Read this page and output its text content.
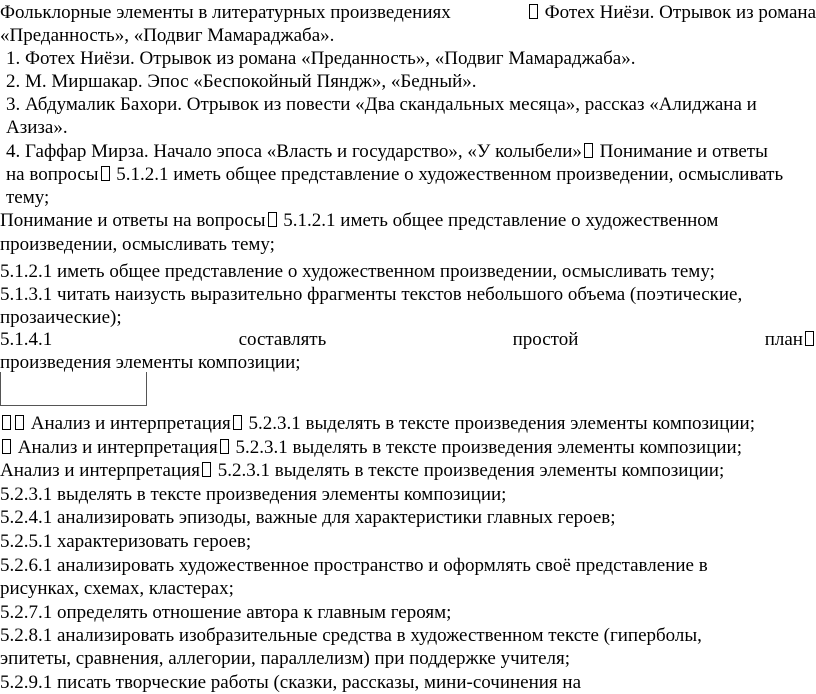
Фольклорные элементы в литературных произведениях	Фотех Ниёзи. Отрывок из романа
«Преданность», «Подвиг Мамараджаба».
1. Фотех Ниёзи. Отрывок из романа «Преданность», «Подвиг Мамараджаба».
2. М. Миршакар. Эпос «Беспокойный Пяндж», «Бедный».
3. Абдумалик Бахори. Отрывок из повести «Два скандальных месяца», рассказ «Алиджана и
Азиза».
4. Гаффар Мирза. Начало эпоса «Власть и государство», «У колыбели» Понимание и ответы
на вопросы 5.1.2.1 иметь общее представление о художественном произведении, осмысливать
тему;
Понимание и ответы на вопросы 5.1.2.1 иметь общее представление о художественном
произведении, осмысливать тему;
5.1.2.1 иметь общее представление о художественном произведении, осмысливать тему;
5.1.3.1 читать наизусть выразительно фрагменты текстов небольшого объема (поэтические,
прозаические);
5.1.4.1	составлять	простой	план
произведения элементы композиции;
Анализ и интерпретация 5.2.3.1 выделять в тексте произведения элементы композиции;
Анализ и интерпретация 5.2.3.1 выделять в тексте произведения элементы композиции;
Анализ и интерпретация 5.2.3.1 выделять в тексте произведения элементы композиции;
5.2.3.1 выделять в тексте произведения элементы композиции;
5.2.4.1 анализировать эпизоды, важные для характеристики главных героев;
5.2.5.1 характеризовать героев;
5.2.6.1 анализировать художественное пространство и оформлять своё представление в
рисунках, схемах, кластерах;
5.2.7.1 определять отношение автора к главным героям;
5.2.8.1 анализировать изобразительные средства в художественном тексте (гиперболы,
эпитеты, сравнения, аллегории, параллелизм) при поддержке учителя;
5.2.9.1 писать творческие работы (сказки, рассказы, мини-сочинения на
